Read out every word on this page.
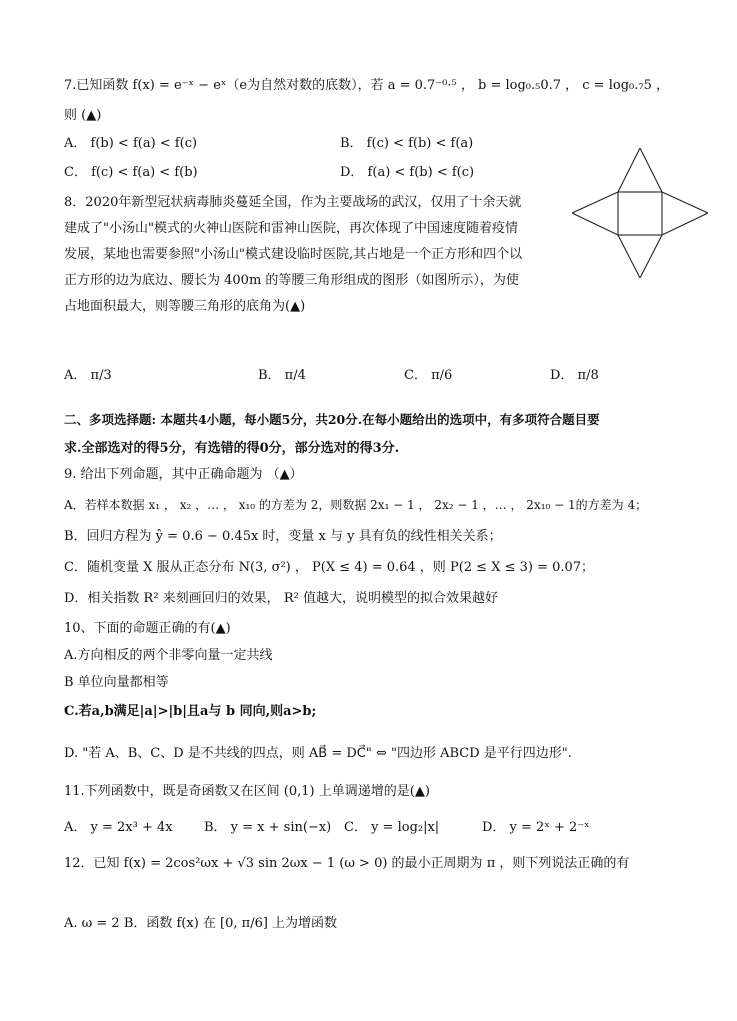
7.已知函数 f(x) = e⁻ˣ − eˣ（e为自然对数的底数），若 a = 0.7⁻⁰·⁵ ， b = log₀.₅0.7 ， c = log₀.₇5 ，
则 (▲)
A． f(b) < f(a) < f(c)	B． f(c) < f(b) < f(a)
C． f(c) < f(a) < f(b)	D． f(a) < f(b) < f(c)
8．2020年新型冠状病毒肺炎蔓延全国，作为主要战场的武汉，仅用了十余天就
建成了"小汤山"模式的火神山医院和雷神山医院，再次体现了中国速度随着疫情
发展，某地也需要参照"小汤山"模式建设临时医院,其占地是一个正方形和四个以
正方形的边为底边、腰长为 400m 的等腰三角形组成的图形（如图所示），为使
占地面积最大，则等腰三角形的底角为(▲)
A． π/3	B． π/4	C． π/6	D． π/8
二、多项选择题: 本题共4小题，每小题5分，共20分.在每小题给出的选项中，有多项符合题目要
求.全部选对的得5分，有选错的得0分，部分选对的得3分.
9. 给出下列命题，其中正确命题为 （▲）
A．若样本数据 x₁ ， x₂ ，… ， x₁₀ 的方差为 2，则数据 2x₁ − 1 ， 2x₂ − 1 ，… ， 2x₁₀ − 1的方差为 4；
B．回归方程为 ŷ = 0.6 − 0.45x 时，变量 x 与 y 具有负的线性相关关系；
C．随机变量 X 服从正态分布 N(3, σ²) ， P(X ≤ 4) = 0.64 ，则 P(2 ≤ X ≤ 3) = 0.07；
D．相关指数 R² 来刻画回归的效果， R² 值越大，说明模型的拟合效果越好
10、下面的命题正确的有(▲)
A.方向相反的两个非零向量一定共线
B 单位向量都相等
C.若a,b满足|a|>|b|且a与 b 同向,则a>b;
D. "若 A、B、C、D 是不共线的四点，则 AB⃗ = DC⃗" ⇔ "四边形 ABCD 是平行四边形".
11.下列函数中，既是奇函数又在区间 (0,1) 上单调递增的是(▲)
A． y = 2x³ + 4x B． y = x + sin(−x) C． y = log₂|x|	D． y = 2ˣ + 2⁻ˣ
12．已知 f(x) = 2cos²ωx + √3 sin 2ωx − 1 (ω > 0) 的最小正周期为 π ，则下列说法正确的有
A. ω = 2 B．函数 f(x) 在 [0, π/6] 上为增函数
